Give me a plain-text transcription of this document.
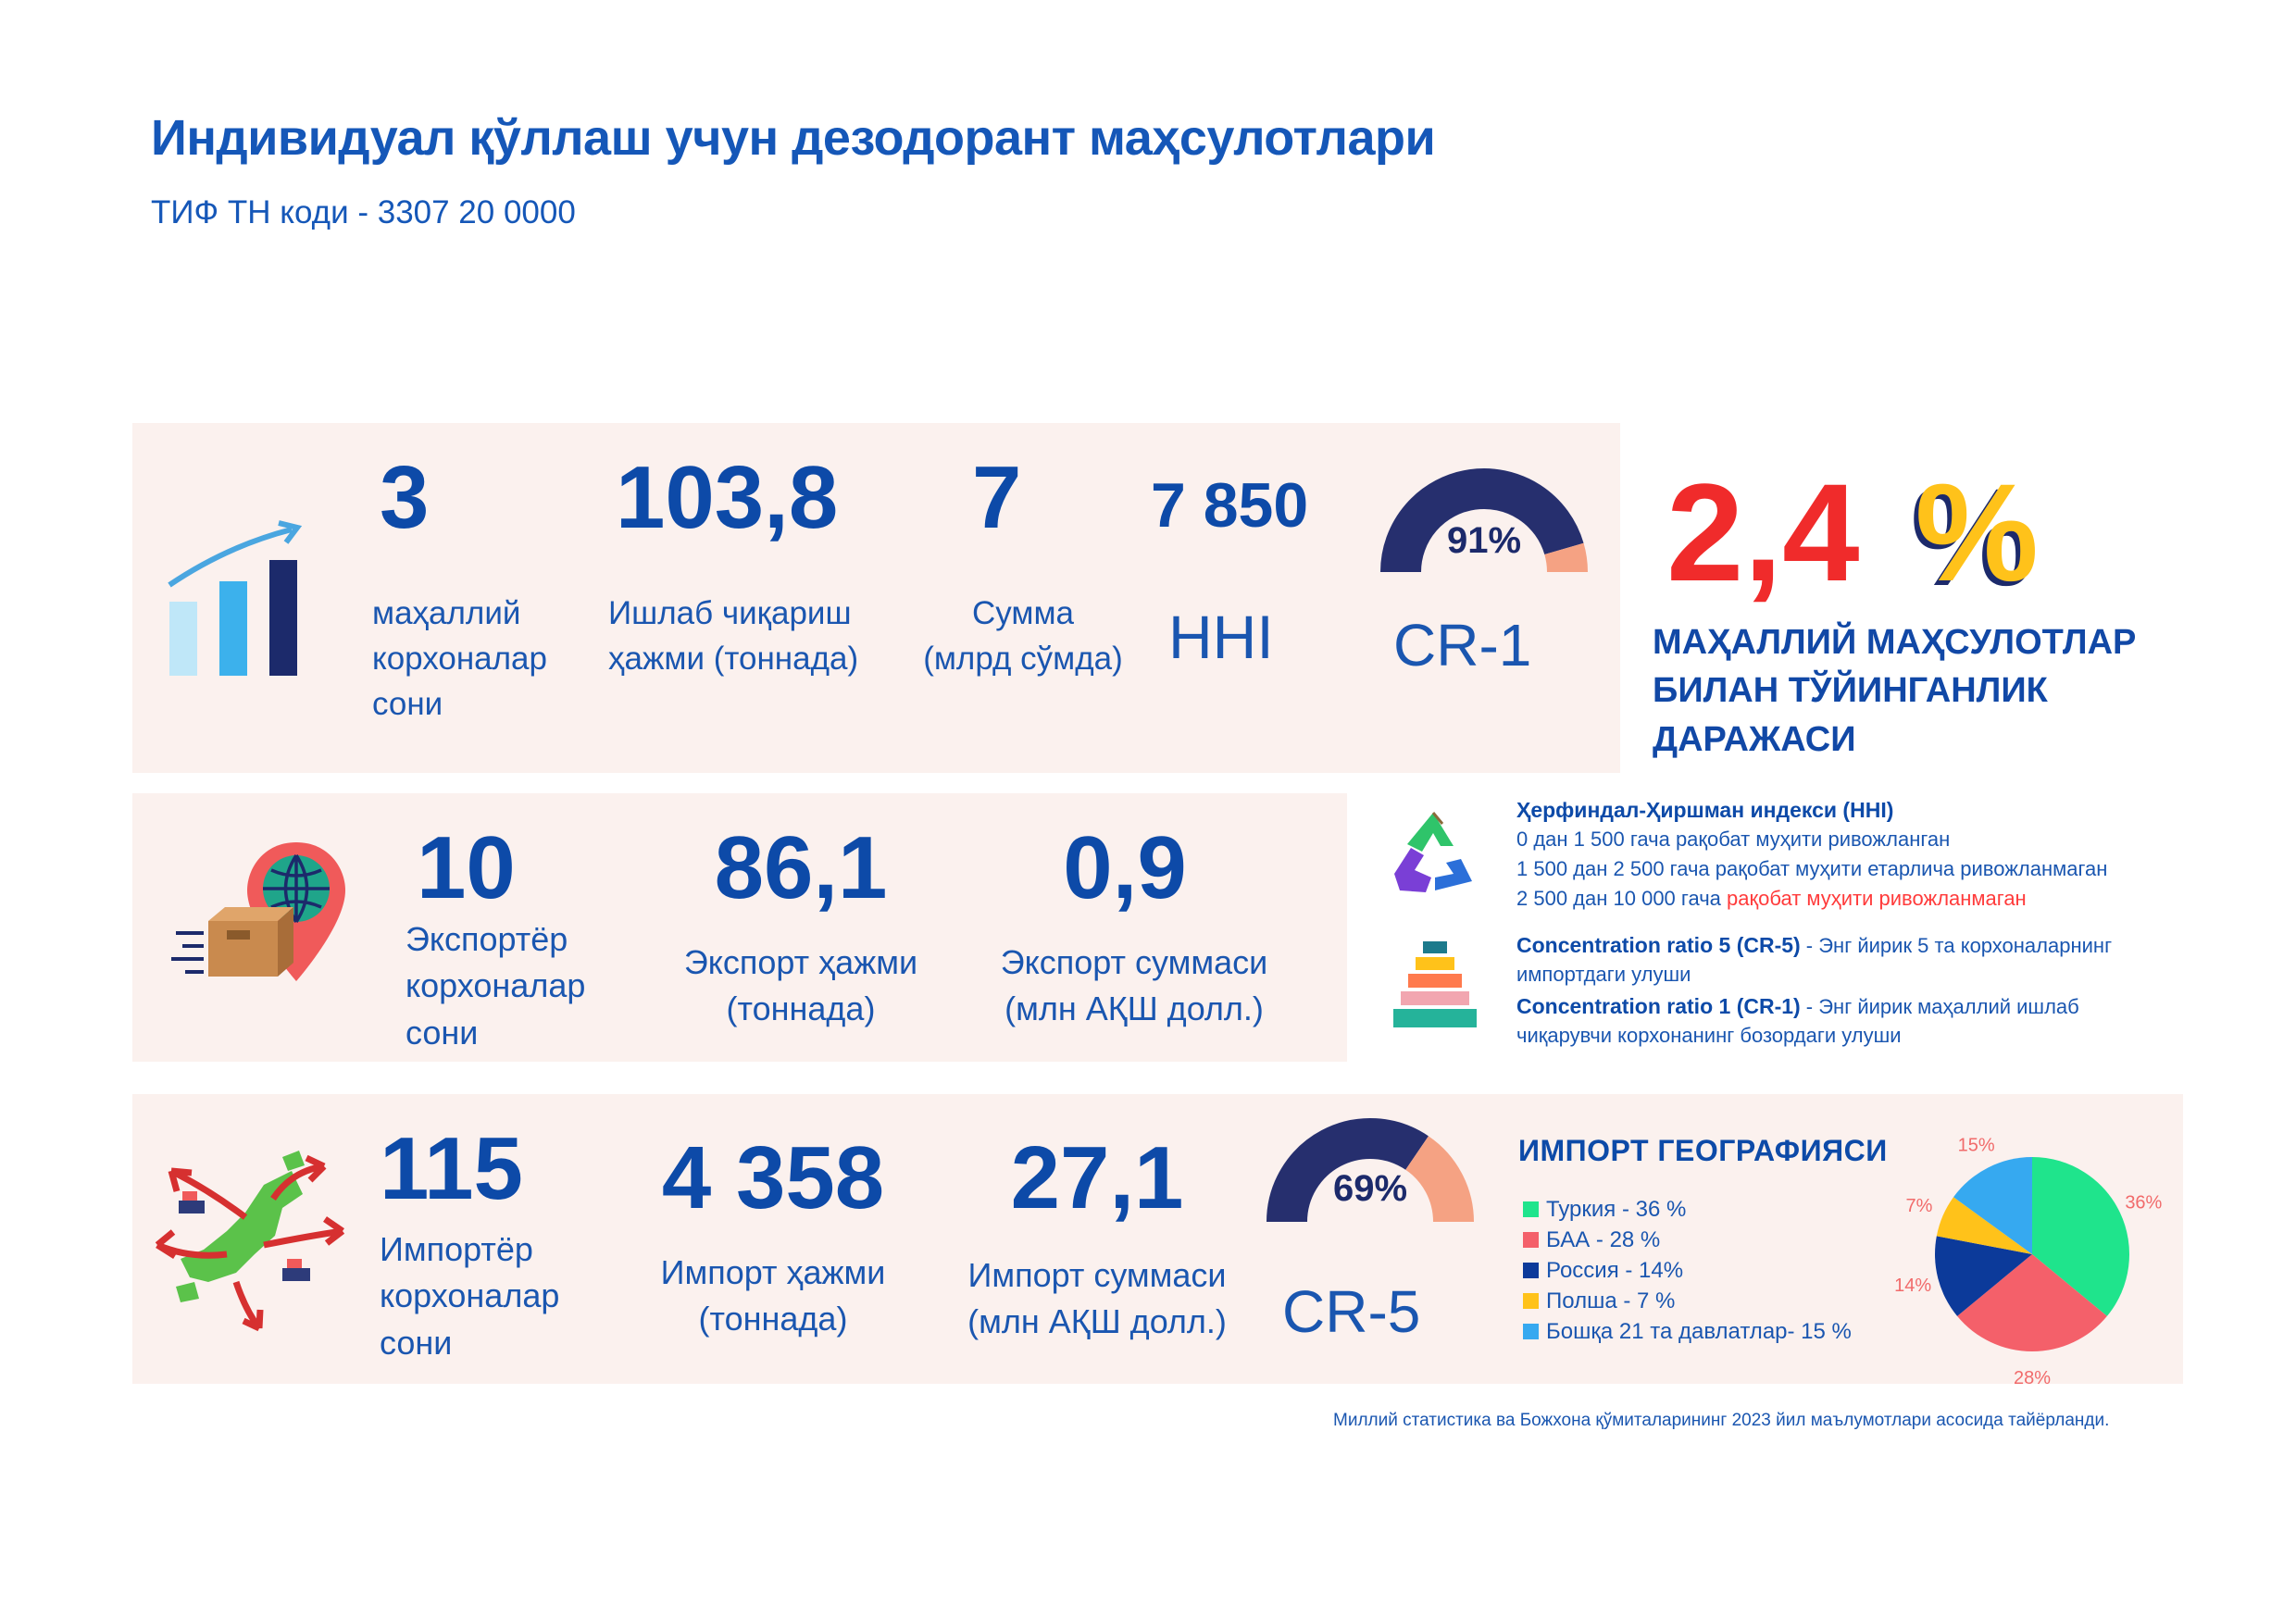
Индивидуал қўллаш учун дезодорант маҳсулотлари
ТИФ ТН коди - 3307 20 0000
3
маҳаллий
корхоналар
сони
103,8
Ишлаб чиқариш
ҳажми (тоннада)
7
Сумма
(млрд сўмда)
7 850
HHI
91%
CR-1
2,4 %
МАҲАЛЛИЙ МАҲСУЛОТЛАР
БИЛАН ТЎЙИНГАНЛИК
ДАРАЖАСИ
10
Экспортёр
корхоналар
сони
86,1
Экспорт ҳажми
(тоннада)
0,9
Экспорт суммаси
(млн АҚШ долл.)
Ҳерфиндал-Ҳиршман индекси (HHI)
0 дан 1 500 гача рақобат муҳити ривожланган
1 500 дан 2 500 гача рақобат муҳити етарлича ривожланмаган
2 500 дан 10 000 гача рақобат муҳити ривожланмаган
Concentration ratio 5 (CR-5) - Энг йирик 5 та корхоналарнинг
импортдаги улуши
Concentration ratio 1 (CR-1) - Энг йирик маҳаллий ишлаб
чиқарувчи корхонанинг бозордаги улуши
115
Импортёр
корхоналар
сони
4 358
Импорт ҳажми
(тоннада)
27,1
Импорт суммаси
(млн АҚШ долл.)
69%
CR-5
ИМПОРТ ГЕОГРАФИЯСИ
Туркия - 36 %
БАА - 28 %
Россия - 14%
Полша - 7 %
Бошқа 21 та давлатлар- 15 %
36%
28%
14%
7%
15%
Миллий статистика ва Божхона қўмиталарининг 2023 йил маълумотлари асосида тайёрланди.
